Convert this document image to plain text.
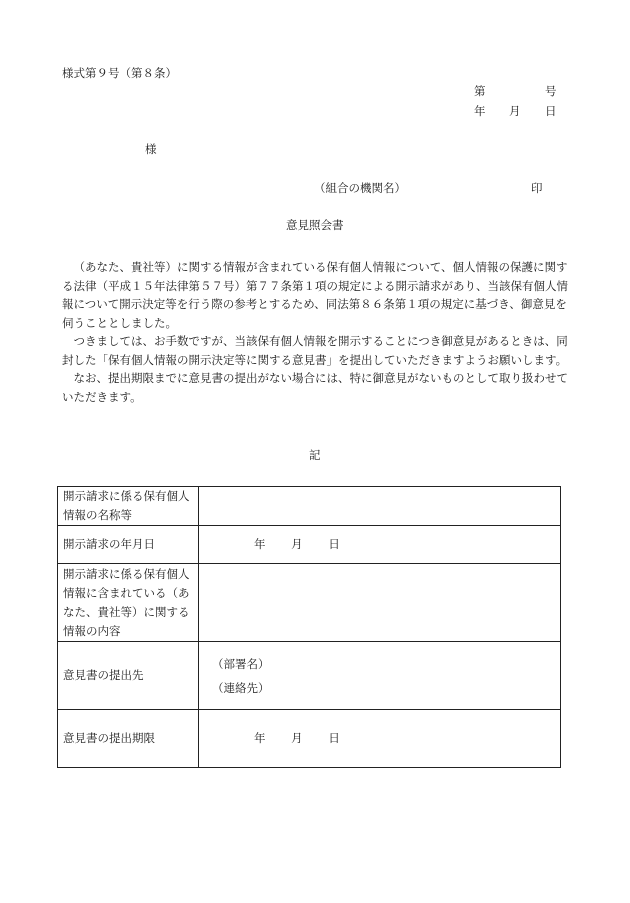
様式第９号（第８条）
第	号
年 月 日
様
（組合の機関名）	印
意見照会書

（あなた、貴社等）に関する情報が含まれている保有個人情報について、個人情報の保護に関する法律（平成１５年法律第５７号）第７７条第１項の規定による開示請求があり、当該保有個人情報について開示決定等を行う際の参考とするため、同法第８６条第１項の規定に基づき、御意見を伺うこととしました。

つきましては、お手数ですが、当該保有個人情報を開示することにつき御意見があるときは、同封した「保有個人情報の開示決定等に関する意見書」を提出していただきますようお願いします。

なお、提出期限までに意見書の提出がない場合には、特に御意見がないものとして取り扱わせていただきます。

記
開示請求に係る保有個人情報の名称等	
開示請求の年月日	年 月 日
開示請求に係る保有個人情報に含まれている（あなた、貴社等）に関する情報の内容	
意見書の提出先	（部署名）
（連絡先）

意見書の提出期限	年 月 日
